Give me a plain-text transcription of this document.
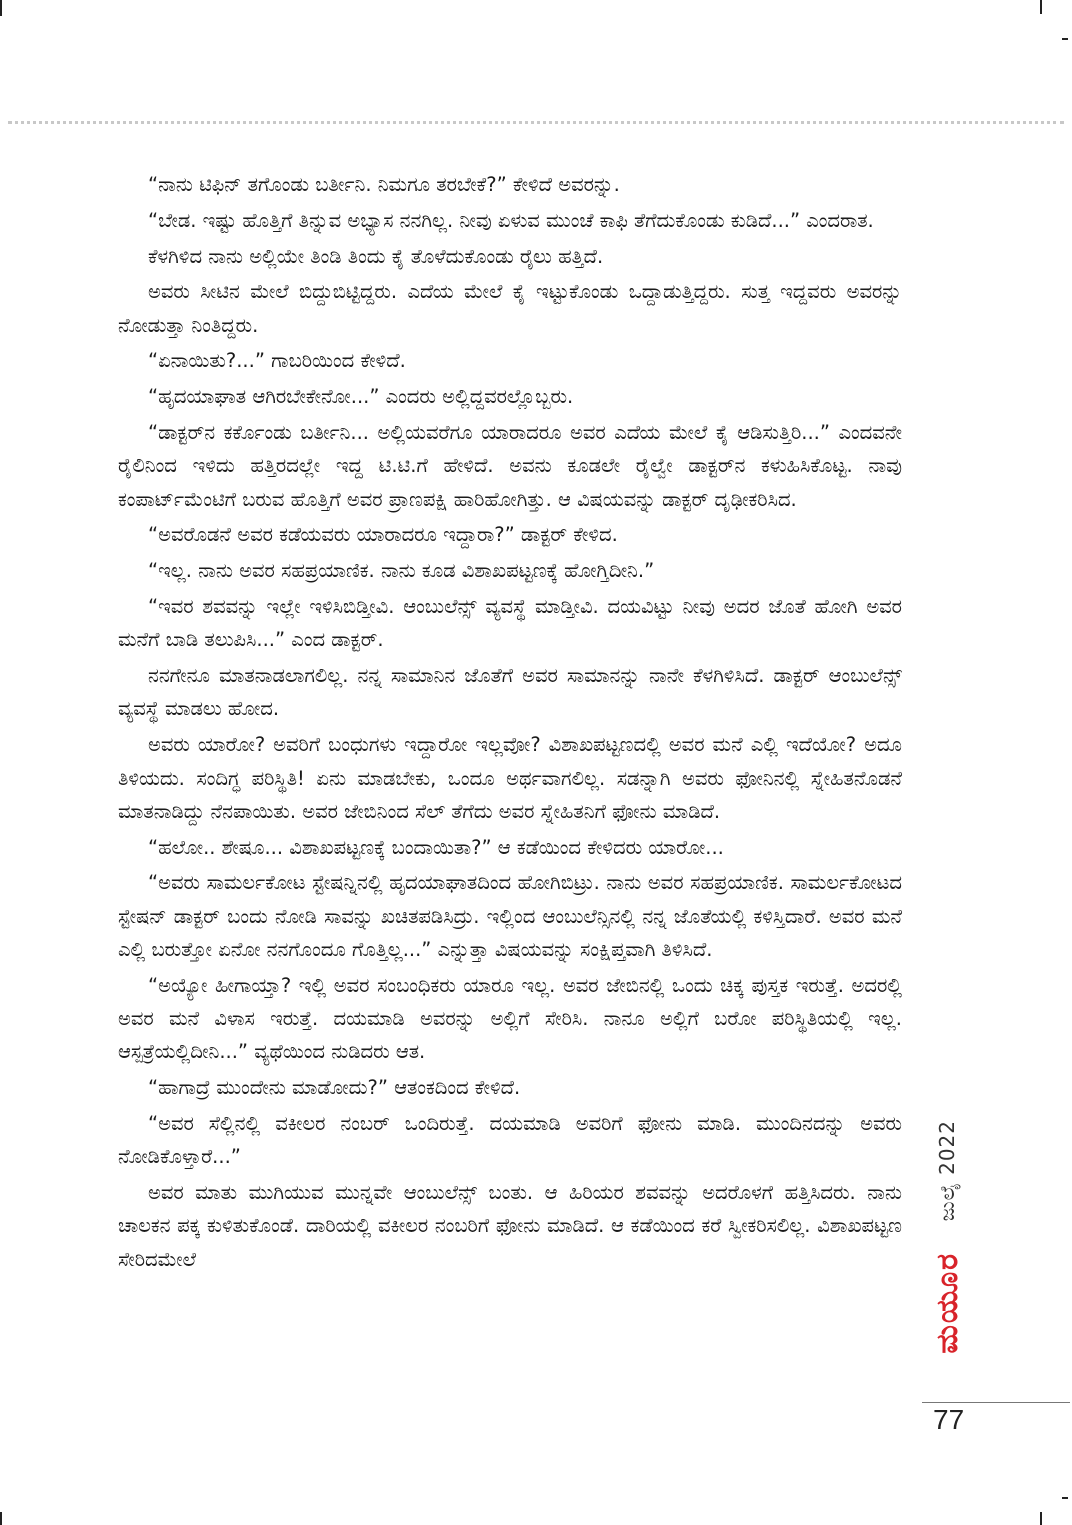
“ನಾನು ಟಿಫಿನ್ ತಗೊಂಡು ಬರ್ತೀನಿ. ನಿಮಗೂ ತರಬೇಕೆ?” ಕೇಳಿದೆ ಅವರನ್ನು.

“ಬೇಡ. ಇಷ್ಟು ಹೊತ್ತಿಗೆ ತಿನ್ನುವ ಅಭ್ಯಾಸ ನನಗಿಲ್ಲ. ನೀವು ಏಳುವ ಮುಂಚೆ ಕಾಫಿ ತೆಗೆದುಕೊಂಡು ಕುಡಿದೆ...” ಎಂದರಾತ.

ಕೆಳಗಿಳಿದ ನಾನು ಅಲ್ಲಿಯೇ ತಿಂಡಿ ತಿಂದು ಕೈ ತೊಳೆದುಕೊಂಡು ರೈಲು ಹತ್ತಿದೆ.

ಅವರು ಸೀಟಿನ ಮೇಲೆ ಬಿದ್ದುಬಿಟ್ಟಿದ್ದರು. ಎದೆಯ ಮೇಲೆ ಕೈ ಇಟ್ಟುಕೊಂಡು ಒದ್ದಾಡುತ್ತಿದ್ದರು. ಸುತ್ತ ಇದ್ದವರು ಅವರನ್ನು ನೋಡುತ್ತಾ ನಿಂತಿದ್ದರು.

“ಏನಾಯಿತು?...” ಗಾಬರಿಯಿಂದ ಕೇಳಿದೆ.

“ಹೃದಯಾಘಾತ ಆಗಿರಬೇಕೇನೋ...” ಎಂದರು ಅಲ್ಲಿದ್ದವರಲ್ಲೊಬ್ಬರು.

“ಡಾಕ್ಟರ್‌ನ ಕರ್ಕೊಂಡು ಬರ್ತೀನಿ... ಅಲ್ಲಿಯವರೆಗೂ ಯಾರಾದರೂ ಅವರ ಎದೆಯ ಮೇಲೆ ಕೈ ಆಡಿಸುತ್ತಿರಿ...” ಎಂದವನೇ ರೈಲಿನಿಂದ ಇಳಿದು ಹತ್ತಿರದಲ್ಲೇ ಇದ್ದ ಟಿ.ಟಿ.ಗೆ ಹೇಳಿದೆ. ಅವನು ಕೂಡಲೇ ರೈಲ್ವೇ ಡಾಕ್ಟರ್‌ನ ಕಳುಹಿಸಿಕೊಟ್ಟ. ನಾವು ಕಂಪಾರ್ಟ್‌ಮೆಂಟಿಗೆ ಬರುವ ಹೊತ್ತಿಗೆ ಅವರ ಪ್ರಾಣಪಕ್ಷಿ ಹಾರಿಹೋಗಿತ್ತು. ಆ ವಿಷಯವನ್ನು ಡಾಕ್ಟರ್ ದೃಢೀಕರಿಸಿದ.

“ಅವರೊಡನೆ ಅವರ ಕಡೆಯವರು ಯಾರಾದರೂ ಇದ್ದಾರಾ?” ಡಾಕ್ಟರ್ ಕೇಳಿದ.

“ಇಲ್ಲ. ನಾನು ಅವರ ಸಹಪ್ರಯಾಣಿಕ. ನಾನು ಕೂಡ ವಿಶಾಖಪಟ್ಟಣಕ್ಕೆ ಹೋಗ್ತಿದೀನಿ.”

“ಇವರ ಶವವನ್ನು ಇಲ್ಲೇ ಇಳಿಸಿಬಿಡ್ತೀವಿ. ಆಂಬುಲೆನ್ಸ್ ವ್ಯವಸ್ಥೆ ಮಾಡ್ತೀವಿ. ದಯವಿಟ್ಟು ನೀವು ಅದರ ಜೊತೆ ಹೋಗಿ ಅವರ ಮನೆಗೆ ಬಾಡಿ ತಲುಪಿಸಿ...” ಎಂದ ಡಾಕ್ಟರ್.

ನನಗೇನೂ ಮಾತನಾಡಲಾಗಲಿಲ್ಲ. ನನ್ನ ಸಾಮಾನಿನ ಜೊತೆಗೆ ಅವರ ಸಾಮಾನನ್ನು ನಾನೇ ಕೆಳಗಿಳಿಸಿದೆ. ಡಾಕ್ಟರ್ ಆಂಬುಲೆನ್ಸ್ ವ್ಯವಸ್ಥೆ ಮಾಡಲು ಹೋದ.

ಅವರು ಯಾರೋ? ಅವರಿಗೆ ಬಂಧುಗಳು ಇದ್ದಾರೋ ಇಲ್ಲವೋ? ವಿಶಾಖಪಟ್ಟಣದಲ್ಲಿ ಅವರ ಮನೆ ಎಲ್ಲಿ ಇದೆಯೋ? ಅದೂ ತಿಳಿಯದು. ಸಂದಿಗ್ಧ ಪರಿಸ್ಥಿತಿ! ಏನು ಮಾಡಬೇಕು, ಒಂದೂ ಅರ್ಥವಾಗಲಿಲ್ಲ. ಸಡನ್ನಾಗಿ ಅವರು ಫೋನಿನಲ್ಲಿ ಸ್ನೇಹಿತನೊಡನೆ ಮಾತನಾಡಿದ್ದು ನೆನಪಾಯಿತು. ಅವರ ಜೇಬಿನಿಂದ ಸೆಲ್ ತೆಗೆದು ಅವರ ಸ್ನೇಹಿತನಿಗೆ ಫೋನು ಮಾಡಿದೆ.

“ಹಲೋ.. ಶೇಷೂ... ವಿಶಾಖಪಟ್ಟಣಕ್ಕೆ ಬಂದಾಯಿತಾ?” ಆ ಕಡೆಯಿಂದ ಕೇಳಿದರು ಯಾರೋ...

“ಅವರು ಸಾಮರ್ಲಕೋಟ ಸ್ಟೇಷನ್ನಿನಲ್ಲಿ ಹೃದಯಾಘಾತದಿಂದ ಹೋಗಿಬಿಟ್ರು. ನಾನು ಅವರ ಸಹಪ್ರಯಾಣಿಕ. ಸಾಮರ್ಲಕೋಟದ ಸ್ಟೇಷನ್ ಡಾಕ್ಟರ್ ಬಂದು ನೋಡಿ ಸಾವನ್ನು ಖಚಿತಪಡಿಸಿದ್ರು. ಇಲ್ಲಿಂದ ಆಂಬುಲೆನ್ಸಿನಲ್ಲಿ ನನ್ನ ಜೊತೆಯಲ್ಲಿ ಕಳಿಸ್ತಿದಾರೆ. ಅವರ ಮನೆ ಎಲ್ಲಿ ಬರುತ್ತೋ ಏನೋ ನನಗೊಂದೂ ಗೊತ್ತಿಲ್ಲ...” ಎನ್ನುತ್ತಾ ವಿಷಯವನ್ನು ಸಂಕ್ಷಿಪ್ತವಾಗಿ ತಿಳಿಸಿದೆ.

“ಅಯ್ಯೋ ಹೀಗಾಯ್ತಾ? ಇಲ್ಲಿ ಅವರ ಸಂಬಂಧಿಕರು ಯಾರೂ ಇಲ್ಲ. ಅವರ ಜೇಬಿನಲ್ಲಿ ಒಂದು ಚಿಕ್ಕ ಪುಸ್ತಕ ಇರುತ್ತೆ. ಅದರಲ್ಲಿ ಅವರ ಮನೆ ವಿಳಾಸ ಇರುತ್ತೆ. ದಯಮಾಡಿ ಅವರನ್ನು ಅಲ್ಲಿಗೆ ಸೇರಿಸಿ. ನಾನೂ ಅಲ್ಲಿಗೆ ಬರೋ ಪರಿಸ್ಥಿತಿಯಲ್ಲಿ ಇಲ್ಲ. ಆಸ್ಪತ್ರೆಯಲ್ಲಿದೀನಿ...” ವ್ಯಥೆಯಿಂದ ನುಡಿದರು ಆತ.

“ಹಾಗಾದ್ರೆ ಮುಂದೇನು ಮಾಡೋದು?” ಆತಂಕದಿಂದ ಕೇಳಿದೆ.

“ಅವರ ಸೆಲ್ಲಿನಲ್ಲಿ ವಕೀಲರ ನಂಬರ್ ಒಂದಿರುತ್ತೆ. ದಯಮಾಡಿ ಅವರಿಗೆ ಫೋನು ಮಾಡಿ. ಮುಂದಿನದನ್ನು ಅವರು ನೋಡಿಕೊಳ್ತಾರೆ...”

ಅವರ ಮಾತು ಮುಗಿಯುವ ಮುನ್ನವೇ ಆಂಬುಲೆನ್ಸ್ ಬಂತು. ಆ ಹಿರಿಯರ ಶವವನ್ನು ಅದರೊಳಗೆ ಹತ್ತಿಸಿದರು. ನಾನು ಚಾಲಕನ ಪಕ್ಕ ಕುಳಿತುಕೊಂಡೆ. ದಾರಿಯಲ್ಲಿ ವಕೀಲರ ನಂಬರಿಗೆ ಫೋನು ಮಾಡಿದೆ. ಆ ಕಡೆಯಿಂದ ಕರೆ ಸ್ವೀಕರಿಸಲಿಲ್ಲ. ವಿಶಾಖಪಟ್ಟಣ ಸೇರಿದಮೇಲೆ

ಜುಲೈ 2022
ಮಯೂರ
77
